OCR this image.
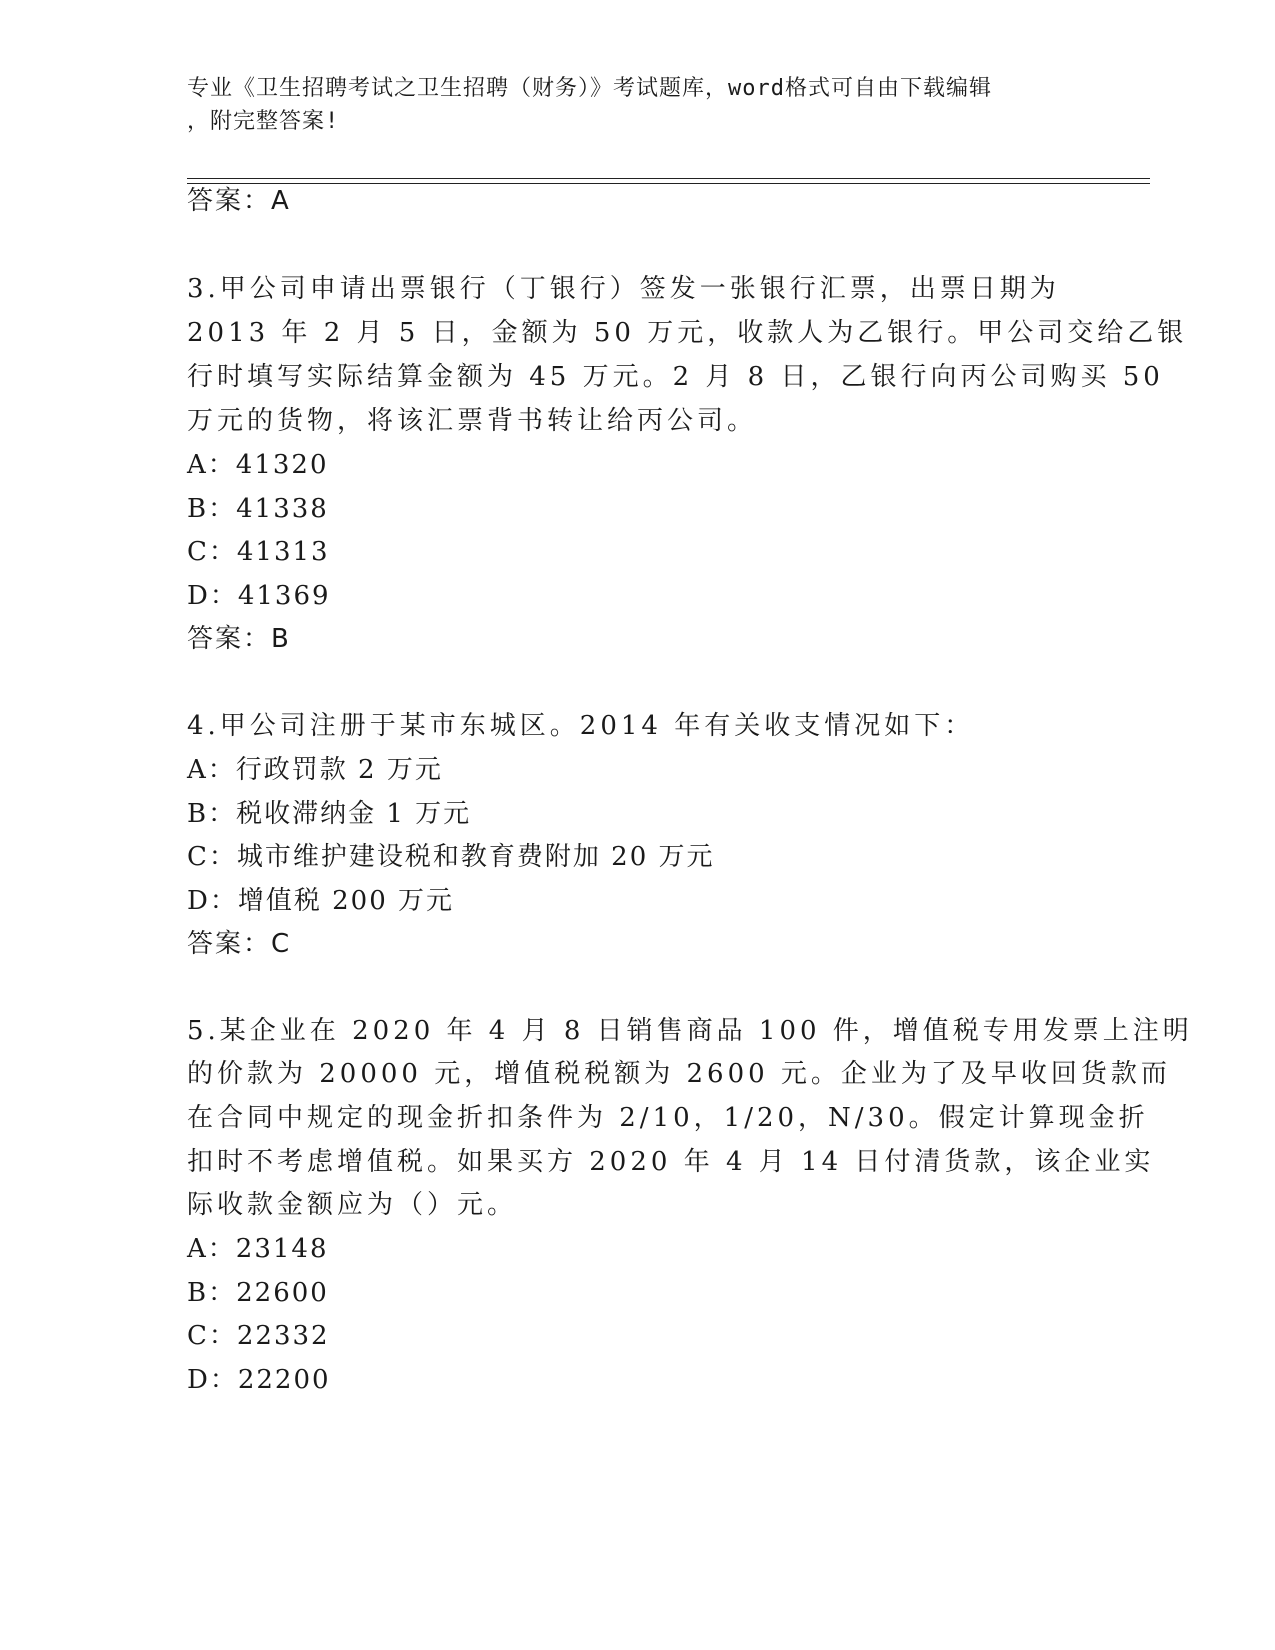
专业《卫生招聘考试之卫生招聘（财务）》考试题库，word格式可自由下载编辑
，附完整答案!
答案：A
3.甲公司申请出票银行（丁银行）签发一张银行汇票，出票日期为
2013 年 2 月 5 日，金额为 50 万元，收款人为乙银行。甲公司交给乙银
行时填写实际结算金额为 45 万元。2 月 8 日，乙银行向丙公司购买 50
万元的货物，将该汇票背书转让给丙公司。
A：41320
B：41338
C：41313
D：41369
答案：B
4.甲公司注册于某市东城区。2014 年有关收支情况如下：
A：行政罚款 2 万元
B：税收滞纳金 1 万元
C：城市维护建设税和教育费附加 20 万元
D：增值税 200 万元
答案：C
5.某企业在 2020 年 4 月 8 日销售商品 100 件，增值税专用发票上注明
的价款为 20000 元，增值税税额为 2600 元。企业为了及早收回货款而
在合同中规定的现金折扣条件为 2/10，1/20，N/30。假定计算现金折
扣时不考虑增值税。如果买方 2020 年 4 月 14 日付清货款，该企业实
际收款金额应为（）元。
A：23148
B：22600
C：22332
D：22200
